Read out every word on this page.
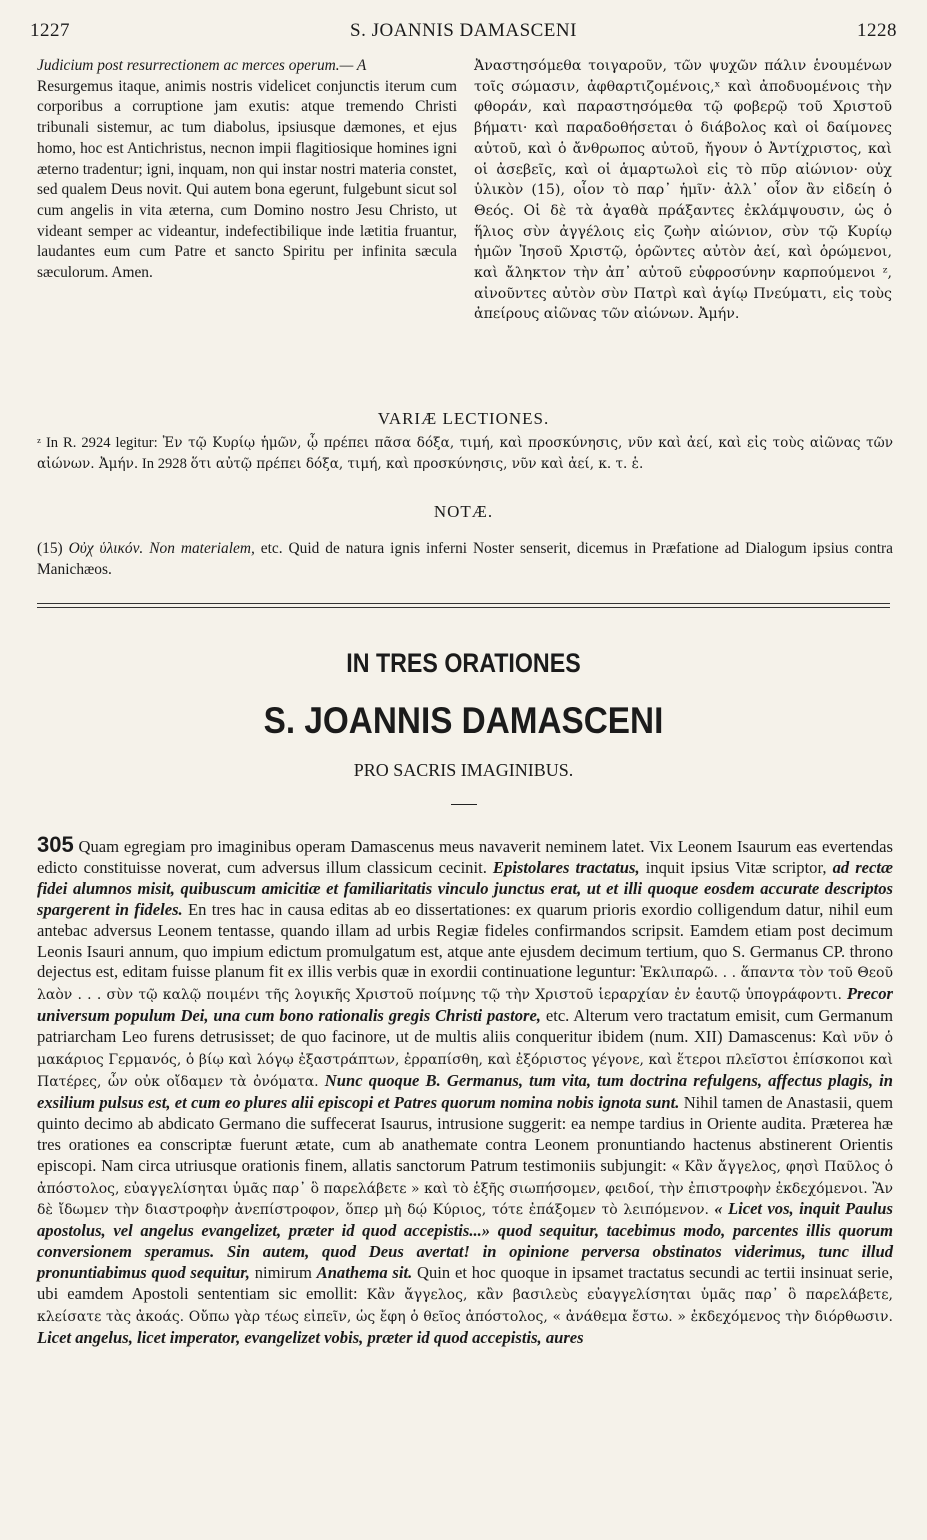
1227	S. JOANNIS DAMASCENI	1228

Judicium post resurrectionem ac merces operum.— A

Resurgemus itaque, animis nostris videlicet conjunctis iterum cum corporibus a corruptione jam exutis: atque tremendo Christi tribunali sistemur, ac tum diabolus, ipsiusque dæmones, et ejus homo, hoc est Antichristus, necnon impii flagitiosique homines igni æterno tradentur; igni, inquam, non qui instar nostri materia constet, sed qualem Deus novit. Qui autem bona egerunt, fulgebunt sicut sol cum angelis in vita æterna, cum Domino nostro Jesu Christo, ut videant semper ac videantur, indefectibilique inde lætitia fruantur, laudantes eum cum Patre et sancto Spiritu per infinita sæcula sæculorum. Amen.

Ἀναστησόμεθα τοιγαροῦν, τῶν ψυχῶν πάλιν ἑνουμένων τοῖς σώμασιν, ἀφθαρτιζομένοις,ˣ καὶ ἀποδυομένοις τὴν φθοράν, καὶ παραστησόμεθα τῷ φοβερῷ τοῦ Χριστοῦ βήματι· καὶ παραδοθήσεται ὁ διάβολος καὶ οἱ δαίμονες αὐτοῦ, καὶ ὁ ἄνθρωπος αὐτοῦ, ἤγουν ὁ Ἀντίχριστος, καὶ οἱ ἀσεβεῖς, καὶ οἱ ἁμαρτωλοὶ εἰς τὸ πῦρ αἰώνιον· οὐχ ὑλικὸν (15), οἷον τὸ παρ᾽ ἡμῖν· ἀλλ᾽ οἷον ἂν εἰδείη ὁ Θεός. Οἱ δὲ τὰ ἀγαθὰ πράξαντες ἐκλάμψουσιν, ὡς ὁ ἥλιος σὺν ἀγγέλοις εἰς ζωὴν αἰώνιον, σὺν τῷ Κυρίῳ ἡμῶν Ἰησοῦ Χριστῷ, ὁρῶντες αὐτὸν ἀεί, καὶ ὁρώμενοι, καὶ ἄληκτον τὴν ἀπ᾽ αὐτοῦ εὐφροσύνην καρπούμενοι ᶻ, αἰνοῦντες αὐτὸν σὺν Πατρὶ καὶ ἁγίῳ Πνεύματι, εἰς τοὺς ἀπείρους αἰῶνας τῶν αἰώνων. Ἀμήν.

VARIÆ LECTIONES.
ᶻ In R. 2924 legitur: Ἐν τῷ Κυρίῳ ἡμῶν, ᾧ πρέπει πᾶσα δόξα, τιμή, καὶ προσκύνησις, νῦν καὶ ἀεί, καὶ εἰς τοὺς αἰῶνας τῶν αἰώνων. Ἀμήν. In 2928 ὅτι αὐτῷ πρέπει δόξα, τιμή, καὶ προσκύνησις, νῦν καὶ ἀεί, κ. τ. ἑ.
NOTÆ.
(15) Οὐχ ὑλικόν. Non materialem, etc. Quid de natura ignis inferni Noster senserit, dicemus in Præfatione ad Dialogum ipsius contra Manichæos.
IN TRES ORATIONES
S. JOANNIS DAMASCENI
PRO SACRIS IMAGINIBUS.
305 Quam egregiam pro imaginibus operam Damascenus meus navaverit neminem latet. Vix Leonem Isaurum eas evertendas edicto constituisse noverat, cum adversus illum classicum cecinit. Epistolares tractatus, inquit ipsius Vitæ scriptor, ad rectæ fidei alumnos misit, quibuscum amicitiæ et familiaritatis vinculo junctus erat, ut et illi quoque eosdem accurate descriptos spargerent in fideles. En tres hac in causa editas ab eo dissertationes: ex quarum prioris exordio colligendum datur, nihil eum antebac adversus Leonem tentasse, quando illam ad urbis Regiæ fideles confirmandos scripsit. Eamdem etiam post decimum Leonis Isauri annum, quo impium edictum promulgatum est, atque ante ejusdem decimum tertium, quo S. Germanus CP. throno dejectus est, editam fuisse planum fit ex illis verbis quæ in exordii continuatione leguntur: Ἐκλιπαρῶ. . . ἅπαντα τὸν τοῦ Θεοῦ λαὸν . . . σὺν τῷ καλῷ ποιμένι τῆς λογικῆς Χριστοῦ ποίμνης τῷ τὴν Χριστοῦ ἱεραρχίαν ἐν ἑαυτῷ ὑπογράφοντι. Precor universum populum Dei, una cum bono rationalis gregis Christi pastore, etc. Alterum vero tractatum emisit, cum Germanum patriarcham Leo furens detrusisset; de quo facinore, ut de multis aliis conqueritur ibidem (num. XII) Damascenus: Καὶ νῦν ὁ μακάριος Γερμανός, ὁ βίῳ καὶ λόγῳ ἐξαστράπτων, ἐρραπίσθη, καὶ ἐξόριστος γέγονε, καὶ ἕτεροι πλεῖστοι ἐπίσκοποι καὶ Πατέρες, ὧν οὐκ οἴδαμεν τὰ ὀνόματα. Nunc quoque B. Germanus, tum vita, tum doctrina refulgens, affectus plagis, in exsilium pulsus est, et cum eo plures alii episcopi et Patres quorum nomina nobis ignota sunt. Nihil tamen de Anastasii, quem quinto decimo ab abdicato Germano die suffecerat Isaurus, intrusione suggerit: ea nempe tardius in Oriente audita. Præterea hæ tres orationes ea conscriptæ fuerunt ætate, cum ab anathemate contra Leonem pronuntiando hactenus abstinerent Orientis episcopi. Nam circa utriusque orationis finem, allatis sanctorum Patrum testimoniis subjungit: « Κἂν ἄγγελος, φησὶ Παῦλος ὁ ἀπόστολος, εὐαγγελίσηται ὑμᾶς παρ᾽ ὃ παρελάβετε » καὶ τὸ ἑξῆς σιωπήσομεν, φειδοί, τὴν ἐπιστροφὴν ἐκδεχόμενοι. Ἂν δὲ ἴδωμεν τὴν διαστροφὴν ἀνεπίστροφον, ὅπερ μὴ δῴ Κύριος, τότε ἐπάξομεν τὸ λειπόμενον. « Licet vos, inquit Paulus apostolus, vel angelus evangelizet, præter id quod accepistis...» quod sequitur, tacebimus modo, parcentes illis quorum conversionem speramus. Sin autem, quod Deus avertat! in opinione perversa obstinatos viderimus, tunc illud pronuntiabimus quod sequitur, nimirum Anathema sit. Quin et hoc quoque in ipsamet tractatus secundi ac tertii insinuat serie, ubi eamdem Apostoli sententiam sic emollit: Κἂν ἄγγελος, κἂν βασιλεὺς εὐαγγελίσηται ὑμᾶς παρ᾽ ὃ παρελάβετε, κλείσατε τὰς ἀκοάς. Οὔπω γὰρ τέως εἰπεῖν, ὡς ἔφη ὁ θεῖος ἀπόστολος, « ἀνάθεμα ἔστω. » ἐκδεχόμενος τὴν διόρθωσιν. Licet angelus, licet imperator, evangelizet vobis, præter id quod accepistis, aures
